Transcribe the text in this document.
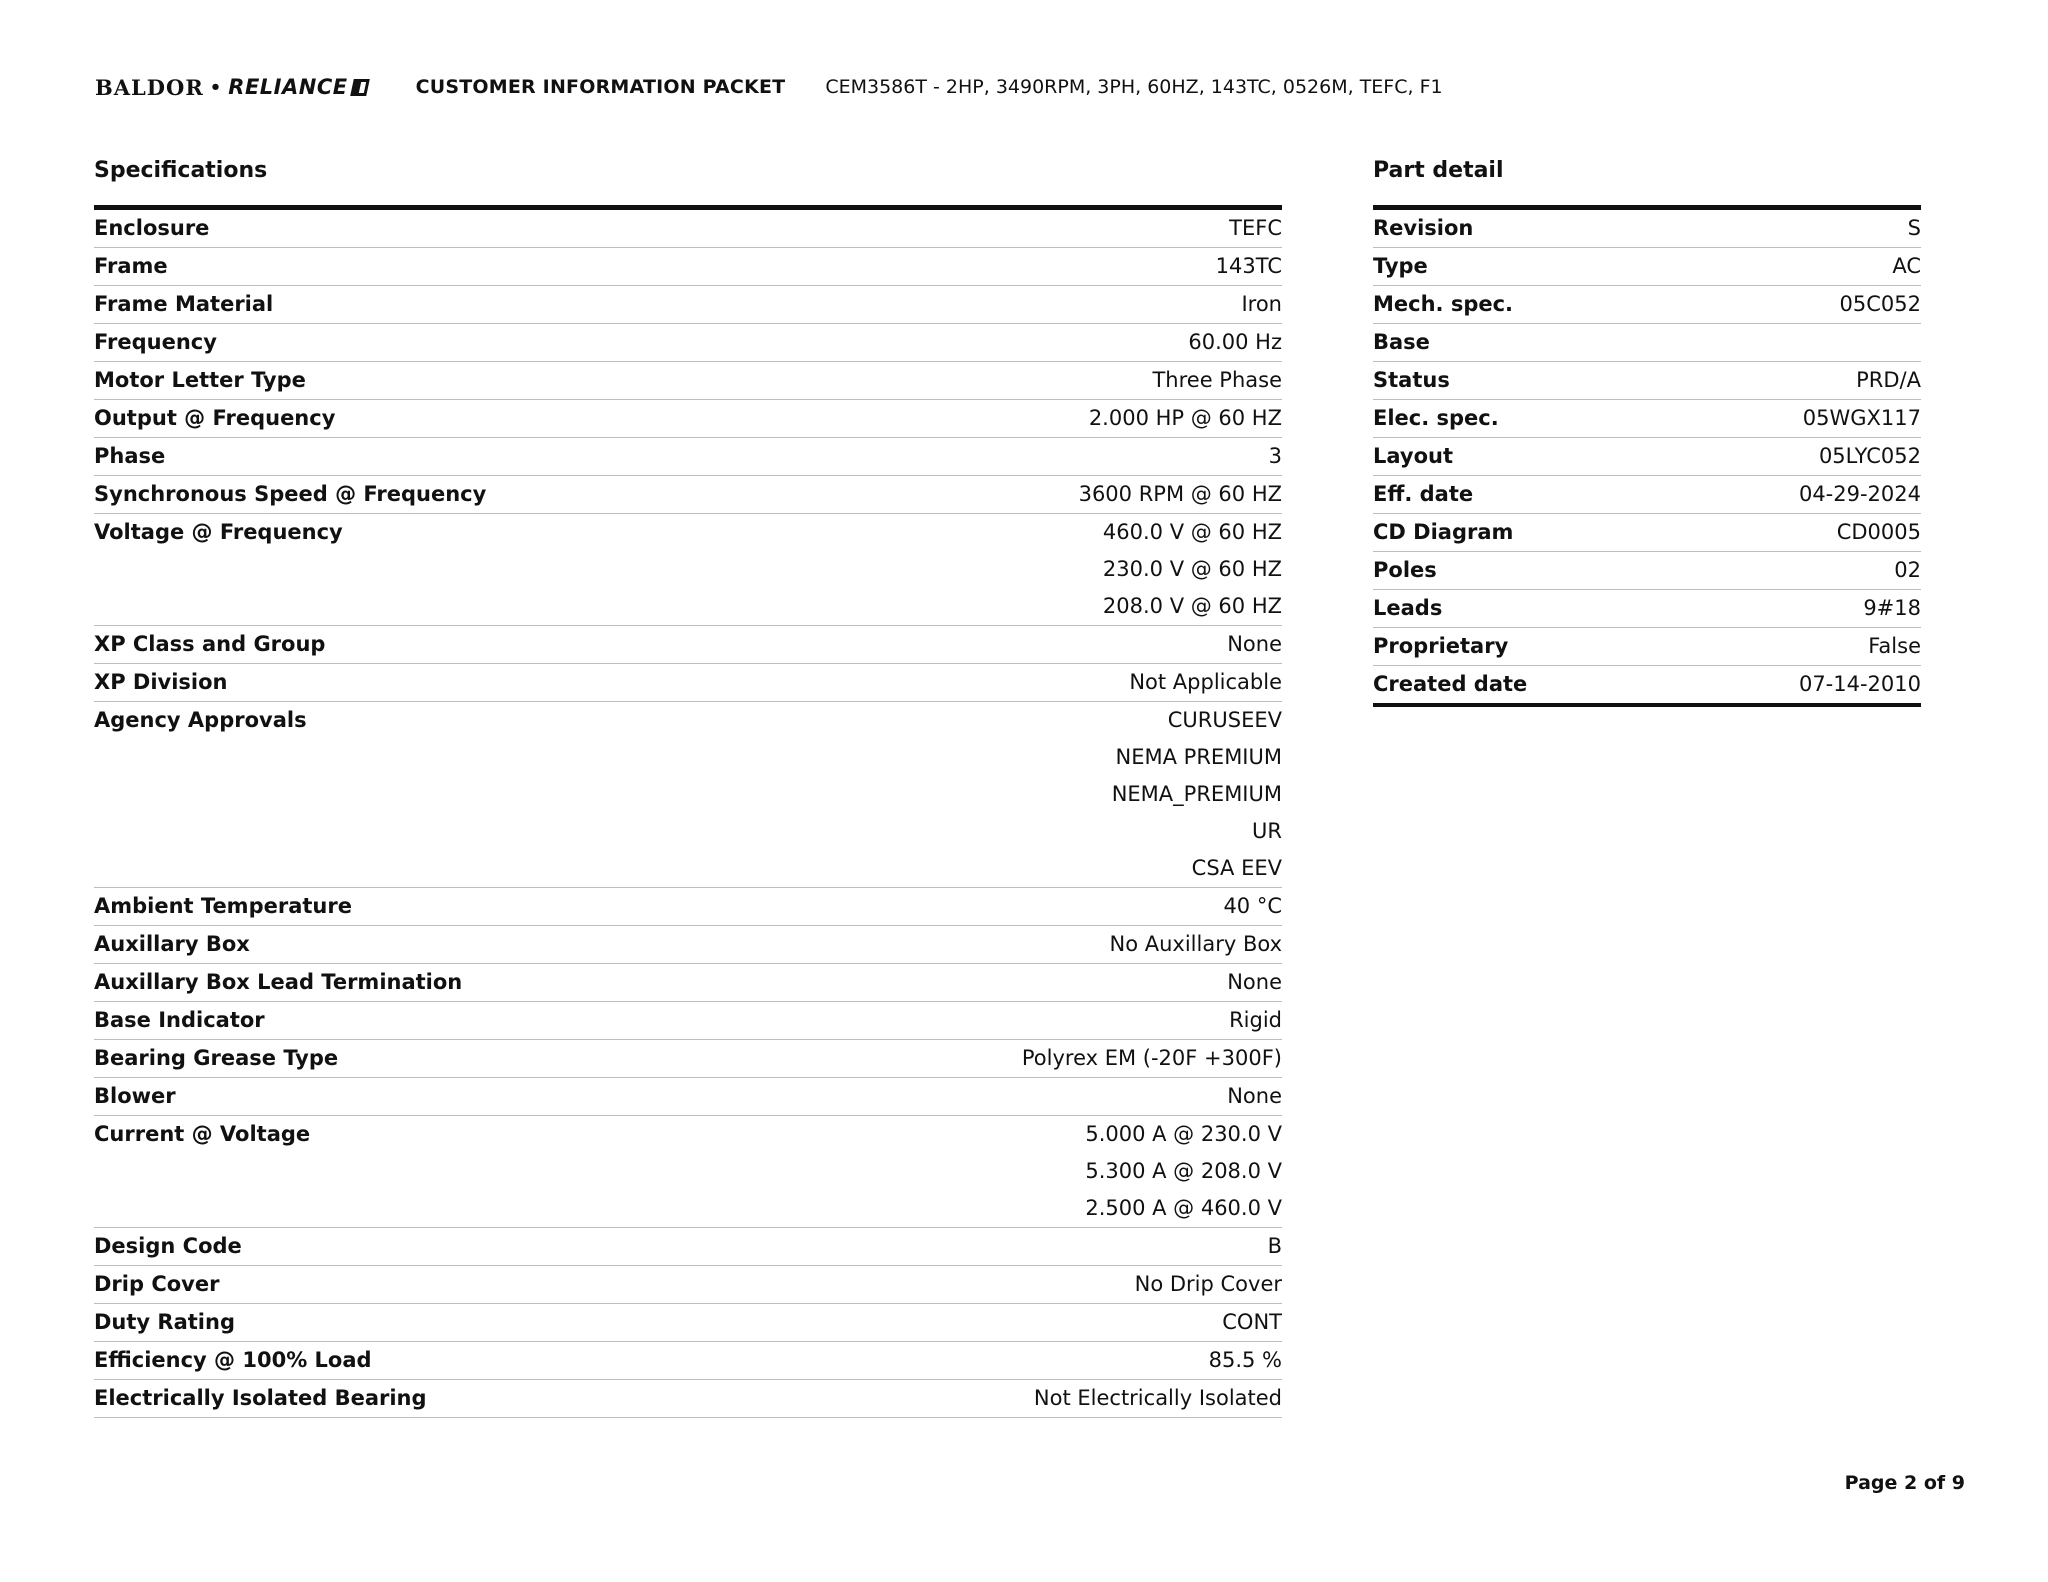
BALDOR • RELIANCE	CUSTOMER INFORMATION PACKET CEM3586T - 2HP, 3490RPM, 3PH, 60HZ, 143TC, 0526M, TEFC, F1
Specifications
Enclosure	TEFC
Frame	143TC
Frame Material	Iron
Frequency	60.00 Hz
Motor Letter Type	Three Phase
Output @ Frequency	2.000 HP @ 60 HZ
Phase	3
Synchronous Speed @ Frequency	3600 RPM @ 60 HZ
Voltage @ Frequency	460.0 V @ 60 HZ
230.0 V @ 60 HZ
208.0 V @ 60 HZ
XP Class and Group	None
XP Division	Not Applicable
Agency Approvals	CURUSEEV
NEMA PREMIUM
NEMA_PREMIUM
UR
CSA EEV
Ambient Temperature	40 °C
Auxillary Box	No Auxillary Box
Auxillary Box Lead Termination	None
Base Indicator	Rigid
Bearing Grease Type	Polyrex EM (-20F +300F)
Blower	None
Current @ Voltage	5.000 A @ 230.0 V
5.300 A @ 208.0 V
2.500 A @ 460.0 V
Design Code	B
Drip Cover	No Drip Cover
Duty Rating	CONT
Efficiency @ 100% Load	85.5 %
Electrically Isolated Bearing	Not Electrically Isolated
Part detail
Revision	S
Type	AC
Mech. spec.	05C052
Base
Status	PRD/A
Elec. spec.	05WGX117
Layout	05LYC052
Eff. date	04-29-2024
CD Diagram	CD0005
Poles	02
Leads	9#18
Proprietary	False
Created date	07-14-2010
Page 2 of 9
